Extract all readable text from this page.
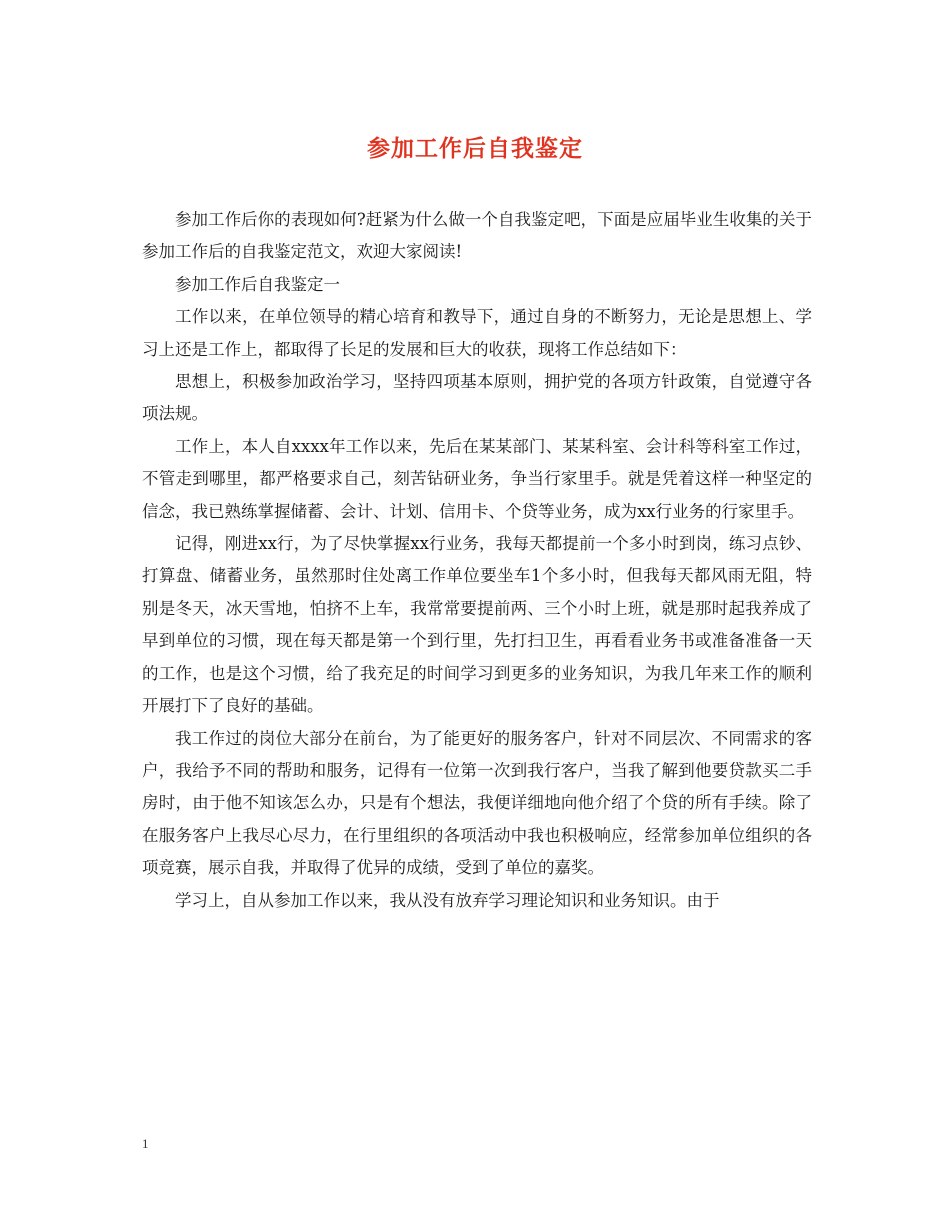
参加工作后自我鉴定

参加工作后你的表现如何?赶紧为什么做一个自我鉴定吧，下面是应届毕业生收集的关于参加工作后的自我鉴定范文，欢迎大家阅读!

参加工作后自我鉴定一

工作以来，在单位领导的精心培育和教导下，通过自身的不断努力，无论是思想上、学习上还是工作上，都取得了长足的发展和巨大的收获，现将工作总结如下：

思想上，积极参加政治学习，坚持四项基本原则，拥护党的各项方针政策，自觉遵守各项法规。

工作上，本人自xxxx年工作以来，先后在某某部门、某某科室、会计科等科室工作过，不管走到哪里，都严格要求自己，刻苦钻研业务，争当行家里手。就是凭着这样一种坚定的信念，我已熟练掌握储蓄、会计、计划、信用卡、个贷等业务，成为xx行业务的行家里手。

记得，刚进xx行，为了尽快掌握xx行业务，我每天都提前一个多小时到岗，练习点钞、打算盘、储蓄业务，虽然那时住处离工作单位要坐车1个多小时，但我每天都风雨无阻，特别是冬天，冰天雪地，怕挤不上车，我常常要提前两、三个小时上班，就是那时起我养成了早到单位的习惯，现在每天都是第一个到行里，先打扫卫生，再看看业务书或准备准备一天的工作，也是这个习惯，给了我充足的时间学习到更多的业务知识，为我几年来工作的顺利开展打下了良好的基础。

我工作过的岗位大部分在前台，为了能更好的服务客户，针对不同层次、不同需求的客户，我给予不同的帮助和服务，记得有一位第一次到我行客户，当我了解到他要贷款买二手房时，由于他不知该怎么办，只是有个想法，我便详细地向他介绍了个贷的所有手续。除了在服务客户上我尽心尽力，在行里组织的各项活动中我也积极响应，经常参加单位组织的各项竞赛，展示自我，并取得了优异的成绩，受到了单位的嘉奖。

学习上，自从参加工作以来，我从没有放弃学习理论知识和业务知识。由于

1
